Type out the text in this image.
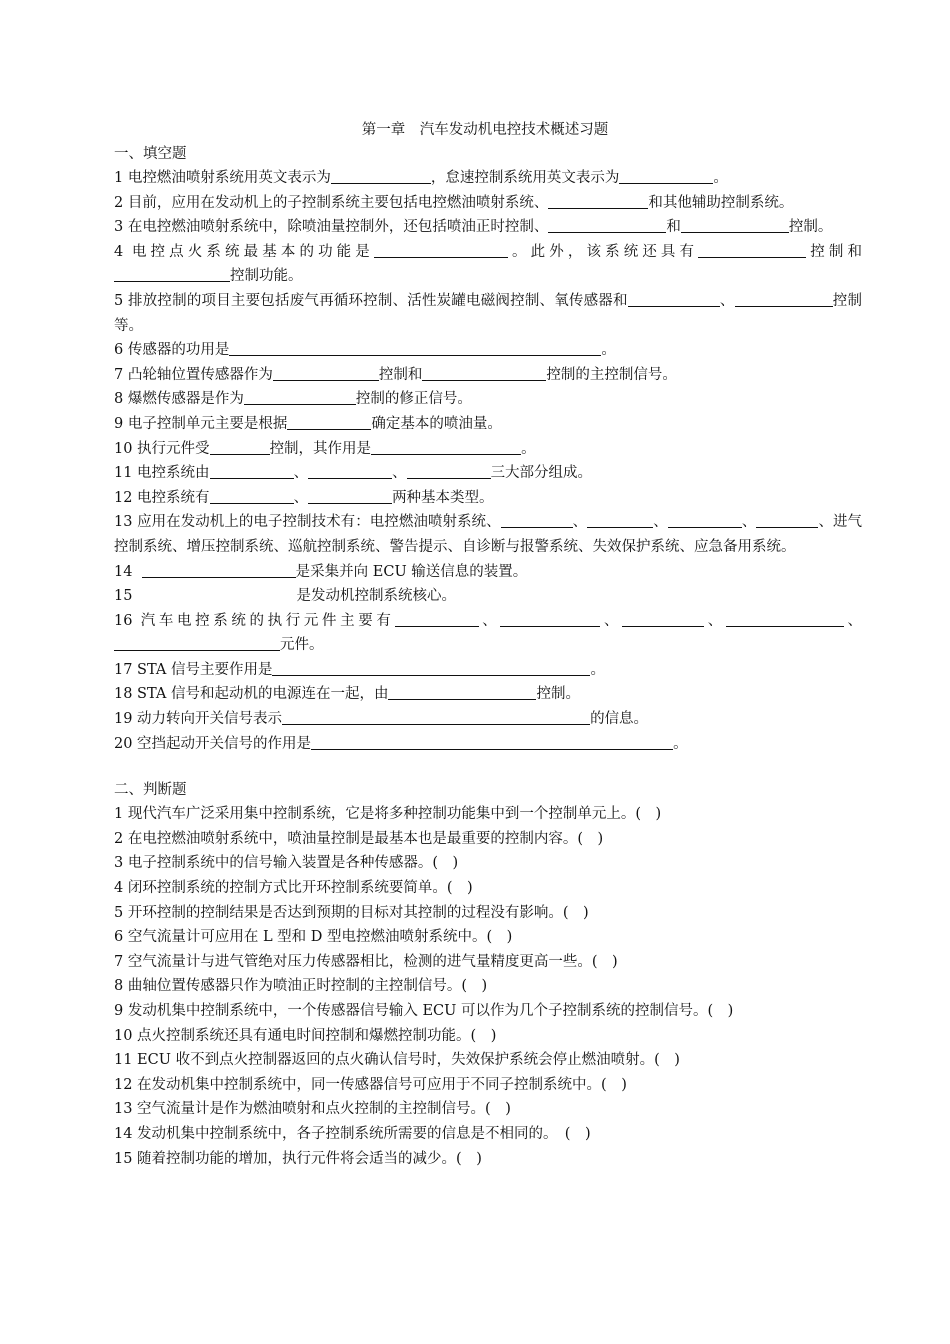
第一章　汽车发动机电控技术概述习题
一、填空题
1 电控燃油喷射系统用英文表示为	，怠速控制系统用英文表示为	。
2 目前，应用在发动机上的子控制系统主要包括电控燃油喷射系统、	和其他辅助控制系统。
3 在电控燃油喷射系统中，除喷油量控制外，还包括喷油正时控制、	和	控制。
4 电控点火系统最基本的功能是	。此外，该系统还具有	控制和控制功能。
5 排放控制的项目主要包括废气再循环控制、活性炭罐电磁阀控制、氧传感器和	、	控制等。
6 传感器的功用是	。
7 凸轮轴位置传感器作为	控制和	控制的主控制信号。
8 爆燃传感器是作为	控制的修正信号。
9 电子控制单元主要是根据	确定基本的喷油量。
10 执行元件受	控制，其作用是	。
11 电控系统由	、	、	三大部分组成。
12 电控系统有	、	两种基本类型。
13 应用在发动机上的电子控制技术有：电控燃油喷射系统、	、	、	、	、进气控制系统、增压控制系统、巡航控制系统、警告提示、自诊断与报警系统、失效保护系统、应急备用系统。
14	是采集并向 ECU 输送信息的装置。
15	是发动机控制系统核心。
16 汽车电控系统的执行元件主要有	、	、	、	、元件。
17 STA 信号主要作用是	。
18 STA 信号和起动机的电源连在一起，由	控制。
19 动力转向开关信号表示	的信息。
20 空挡起动开关信号的作用是	。
二、判断题
1 现代汽车广泛采用集中控制系统，它是将多种控制功能集中到一个控制单元上。(　)
2 在电控燃油喷射系统中，喷油量控制是最基本也是最重要的控制内容。(　)
3 电子控制系统中的信号输入装置是各种传感器。(　)
4 闭环控制系统的控制方式比开环控制系统要简单。(　)
5 开环控制的控制结果是否达到预期的目标对其控制的过程没有影响。(　)
6 空气流量计可应用在 L 型和 D 型电控燃油喷射系统中。(　)
7 空气流量计与进气管绝对压力传感器相比，检测的进气量精度更高一些。(　)
8 曲轴位置传感器只作为喷油正时控制的主控制信号。(　)
9 发动机集中控制系统中，一个传感器信号输入 ECU 可以作为几个子控制系统的控制信号。(　)
10 点火控制系统还具有通电时间控制和爆燃控制功能。(　)
11 ECU 收不到点火控制器返回的点火确认信号时，失效保护系统会停止燃油喷射。(　)
12 在发动机集中控制系统中，同一传感器信号可应用于不同子控制系统中。(　)
13 空气流量计是作为燃油喷射和点火控制的主控制信号。(　)
14 发动机集中控制系统中，各子控制系统所需要的信息是不相同的。　(　)
15 随着控制功能的增加，执行元件将会适当的减少。(　)
